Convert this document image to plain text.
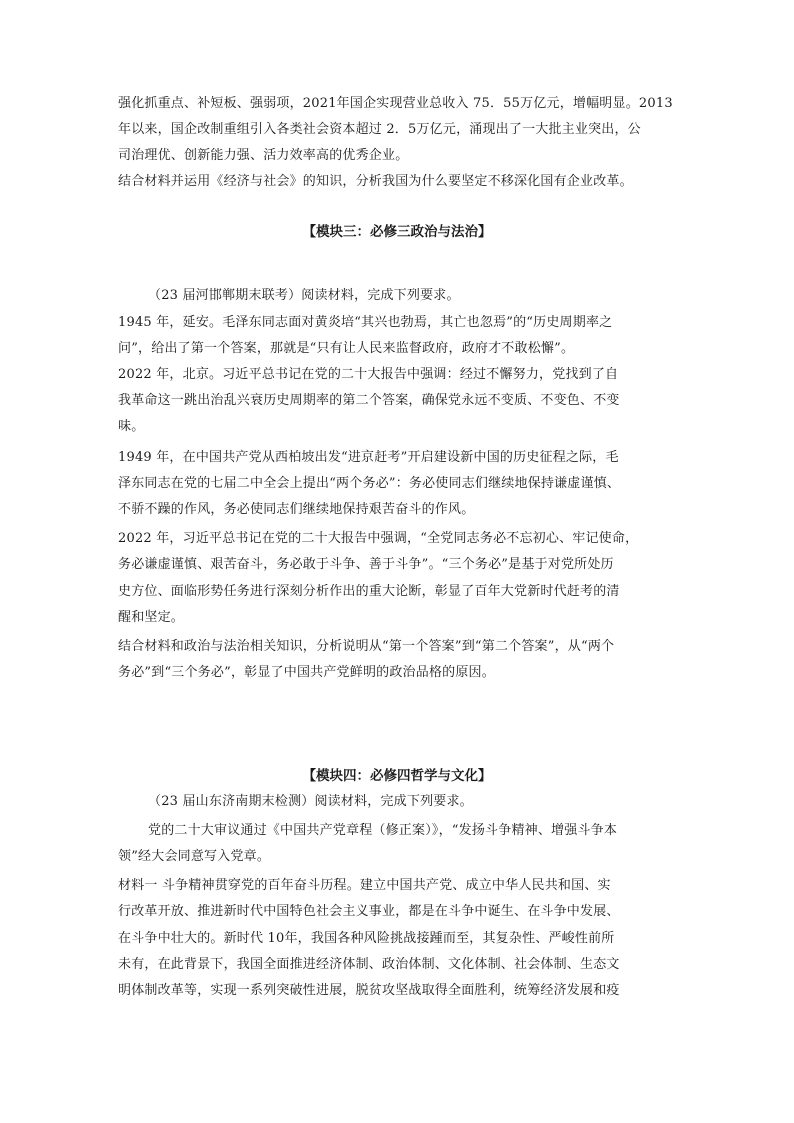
强化抓重点、补短板、强弱项，2021年国企实现营业总收入 75．55万亿元，增幅明显。2013
年以来，国企改制重组引入各类社会资本超过 2．5万亿元，涌现出了一大批主业突出，公
司治理优、创新能力强、活力效率高的优秀企业。
结合材料并运用《经济与社会》的知识，分析我国为什么要坚定不移深化国有企业改革。
【模块三：必修三政治与法治】
（23 届河邯郸期末联考）阅读材料，完成下列要求。
1945 年，延安。毛泽东同志面对黄炎培“其兴也勃焉，其亡也忽焉”的“历史周期率之
问”，给出了第一个答案，那就是“只有让人民来监督政府，政府才不敢松懈”。
2022 年，北京。习近平总书记在党的二十大报告中强调：经过不懈努力，党找到了自
我革命这一跳出治乱兴衰历史周期率的第二个答案，确保党永远不变质、不变色、不变
味。
1949 年，在中国共产党从西柏坡出发“进京赶考”开启建设新中国的历史征程之际，毛
泽东同志在党的七届二中全会上提出“两个务必”：务必使同志们继续地保持谦虚谨慎、
不骄不躁的作风，务必使同志们继续地保持艰苦奋斗的作风。
2022 年，习近平总书记在党的二十大报告中强调，“全党同志务必不忘初心、牢记使命，
务必谦虚谨慎、艰苦奋斗，务必敢于斗争、善于斗争”。“三个务必”是基于对党所处历
史方位、面临形势任务进行深刻分析作出的重大论断，彰显了百年大党新时代赶考的清
醒和坚定。
结合材料和政治与法治相关知识，分析说明从“第一个答案”到“第二个答案”，从“两个
务必”到“三个务必”，彰显了中国共产党鲜明的政治品格的原因。
【模块四：必修四哲学与文化】
（23 届山东济南期末检测）阅读材料，完成下列要求。
党的二十大审议通过《中国共产党章程（修正案）》，“发扬斗争精神、增强斗争本
领”经大会同意写入党章。
材料一 斗争精神贯穿党的百年奋斗历程。建立中国共产党、成立中华人民共和国、实
行改革开放、推进新时代中国特色社会主义事业，都是在斗争中诞生、在斗争中发展、
在斗争中壮大的。新时代 10年，我国各种风险挑战接踵而至，其复杂性、严峻性前所
未有，在此背景下，我国全面推进经济体制、政治体制、文化体制、社会体制、生态文
明体制改革等，实现一系列突破性进展，脱贫攻坚战取得全面胜利，统筹经济发展和疫
